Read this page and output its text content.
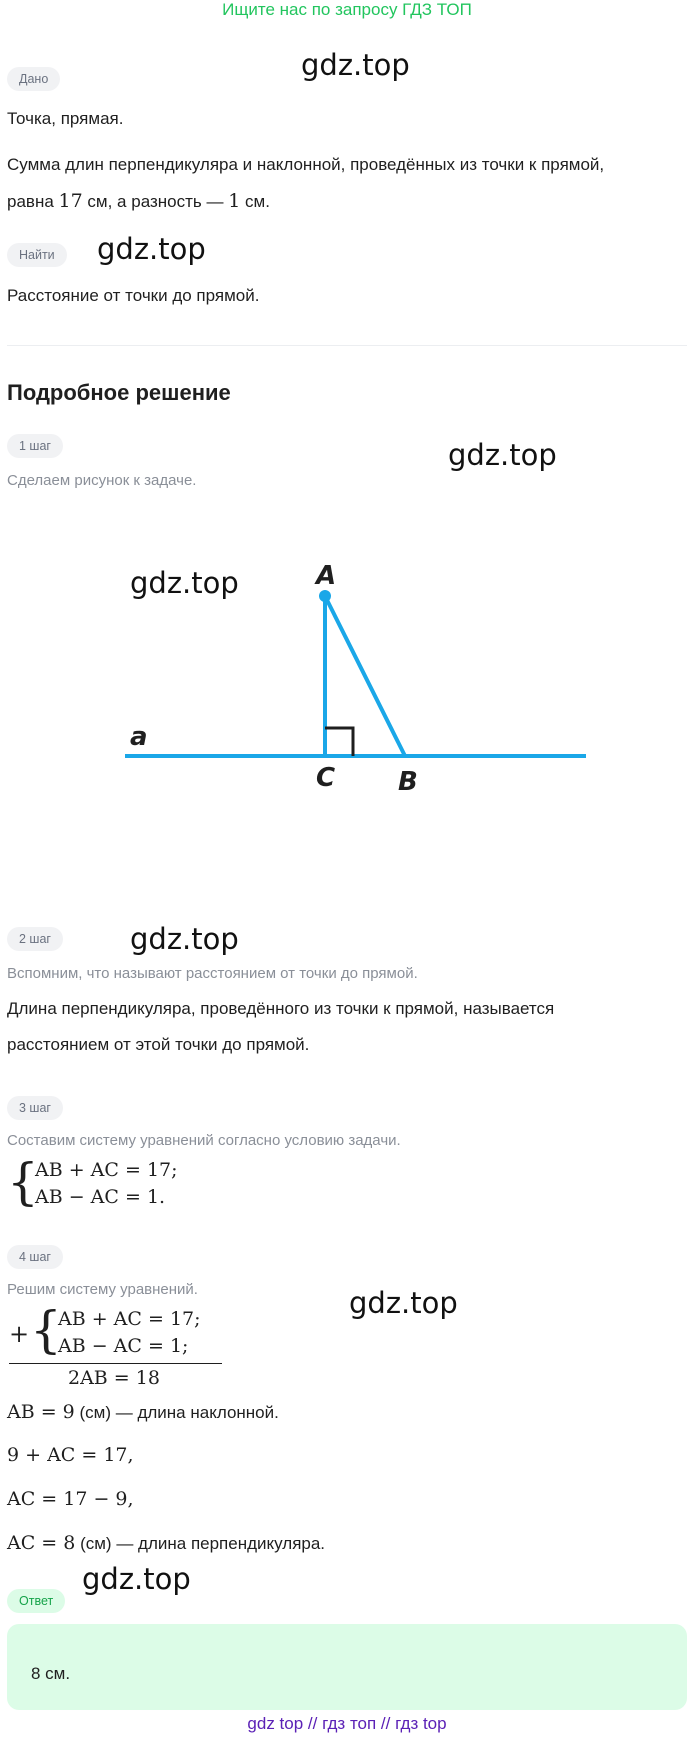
Ищите нас по запросу ГДЗ ТОП
gdz.top
gdz.top
gdz.top
gdz.top
gdz.top
gdz.top
gdz.top
Дано
Точка, прямая.
Сумма длин перпендикуляра и наклонной, проведённых из точки к прямой,
равна 17 см, а разность — 1 см.
Найти
Расстояние от точки до прямой.
Подробное решение
1 шаг
Сделаем рисунок к задаче.
A
C B
a
2 шаг
Вспомним, что называют расстоянием от точки до прямой.
Длина перпендикуляра, проведённого из точки к прямой, называется
расстоянием от этой точки до прямой.
3 шаг
Составим систему уравнений согласно условию задачи.
{
AB + AC = 17;
AB − AC = 1.
4 шаг
Решим систему уравнений.
+ {
AB + AC = 17;
AB − AC = 1;
2AB = 18
AB = 9 (см) — длина наклонной.
9 + AC = 17,
AC = 17 − 9,
AC = 8 (см) — длина перпендикуляра.
Ответ
8 см.
gdz top // гдз топ // гдз top
